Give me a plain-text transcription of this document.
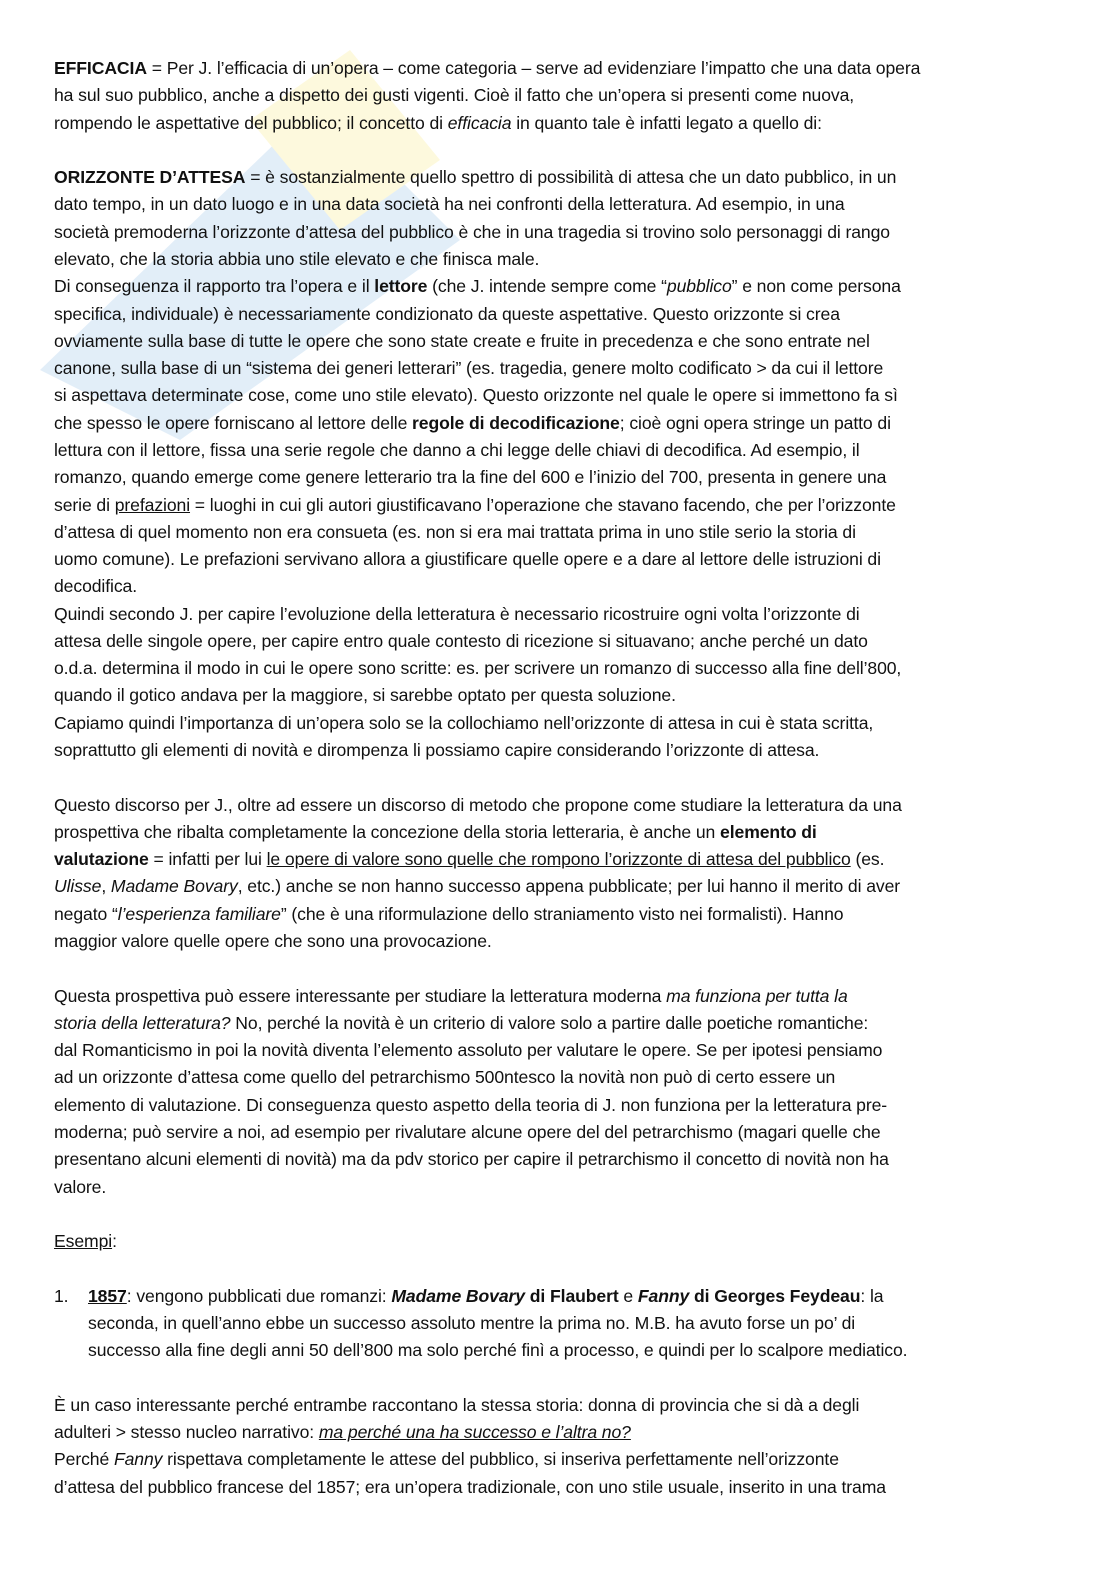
EFFICACIA = Per J. l’efficacia di un’opera – come categoria – serve ad evidenziare l’impatto che una data opera
ha sul suo pubblico, anche a dispetto dei gusti vigenti. Cioè il fatto che un’opera si presenti come nuova,
rompendo le aspettative del pubblico; il concetto di efficacia in quanto tale è infatti legato a quello di:

ORIZZONTE D’ATTESA = è sostanzialmente quello spettro di possibilità di attesa che un dato pubblico, in un
dato tempo, in un dato luogo e in una data società ha nei confronti della letteratura. Ad esempio, in una
società premoderna l’orizzonte d’attesa del pubblico è che in una tragedia si trovino solo personaggi di rango
elevato, che la storia abbia uno stile elevato e che finisca male.
Di conseguenza il rapporto tra l’opera e il lettore (che J. intende sempre come “pubblico” e non come persona
specifica, individuale) è necessariamente condizionato da queste aspettative. Questo orizzonte si crea
ovviamente sulla base di tutte le opere che sono state create e fruite in precedenza e che sono entrate nel
canone, sulla base di un “sistema dei generi letterari” (es. tragedia, genere molto codificato > da cui il lettore
si aspettava determinate cose, come uno stile elevato). Questo orizzonte nel quale le opere si immettono fa sì
che spesso le opere forniscano al lettore delle regole di decodificazione; cioè ogni opera stringe un patto di
lettura con il lettore, fissa una serie regole che danno a chi legge delle chiavi di decodifica. Ad esempio, il
romanzo, quando emerge come genere letterario tra la fine del 600 e l’inizio del 700, presenta in genere una
serie di prefazioni = luoghi in cui gli autori giustificavano l’operazione che stavano facendo, che per l’orizzonte
d’attesa di quel momento non era consueta (es. non si era mai trattata prima in uno stile serio la storia di
uomo comune). Le prefazioni servivano allora a giustificare quelle opere e a dare al lettore delle istruzioni di
decodifica.
Quindi secondo J. per capire l’evoluzione della letteratura è necessario ricostruire ogni volta l’orizzonte di
attesa delle singole opere, per capire entro quale contesto di ricezione si situavano; anche perché un dato
o.d.a. determina il modo in cui le opere sono scritte: es. per scrivere un romanzo di successo alla fine dell’800,
quando il gotico andava per la maggiore, si sarebbe optato per questa soluzione.
Capiamo quindi l’importanza di un’opera solo se la collochiamo nell’orizzonte di attesa in cui è stata scritta,
soprattutto gli elementi di novità e dirompenza li possiamo capire considerando l’orizzonte di attesa.

Questo discorso per J., oltre ad essere un discorso di metodo che propone come studiare la letteratura da una
prospettiva che ribalta completamente la concezione della storia letteraria, è anche un elemento di
valutazione = infatti per lui le opere di valore sono quelle che rompono l’orizzonte di attesa del pubblico (es.
Ulisse, Madame Bovary, etc.) anche se non hanno successo appena pubblicate; per lui hanno il merito di aver
negato “l’esperienza familiare” (che è una riformulazione dello straniamento visto nei formalisti). Hanno
maggior valore quelle opere che sono una provocazione.

Questa prospettiva può essere interessante per studiare la letteratura moderna ma funziona per tutta la
storia della letteratura? No, perché la novità è un criterio di valore solo a partire dalle poetiche romantiche:
dal Romanticismo in poi la novità diventa l’elemento assoluto per valutare le opere. Se per ipotesi pensiamo
ad un orizzonte d’attesa come quello del petrarchismo 500ntesco la novità non può di certo essere un
elemento di valutazione. Di conseguenza questo aspetto della teoria di J. non funziona per la letteratura pre-
moderna; può servire a noi, ad esempio per rivalutare alcune opere del del petrarchismo (magari quelle che
presentano alcuni elementi di novità) ma da pdv storico per capire il petrarchismo il concetto di novità non ha
valore.

Esempi:

1. 1857: vengono pubblicati due romanzi: Madame Bovary di Flaubert e Fanny di Georges Feydeau: la
seconda, in quell’anno ebbe un successo assoluto mentre la prima no. M.B. ha avuto forse un po’ di
successo alla fine degli anni 50 dell’800 ma solo perché finì a processo, e quindi per lo scalpore mediatico.

È un caso interessante perché entrambe raccontano la stessa storia: donna di provincia che si dà a degli
adulteri > stesso nucleo narrativo: ma perché una ha successo e l’altra no?
Perché Fanny rispettava completamente le attese del pubblico, si inseriva perfettamente nell’orizzonte
d’attesa del pubblico francese del 1857; era un’opera tradizionale, con uno stile usuale, inserito in una trama
